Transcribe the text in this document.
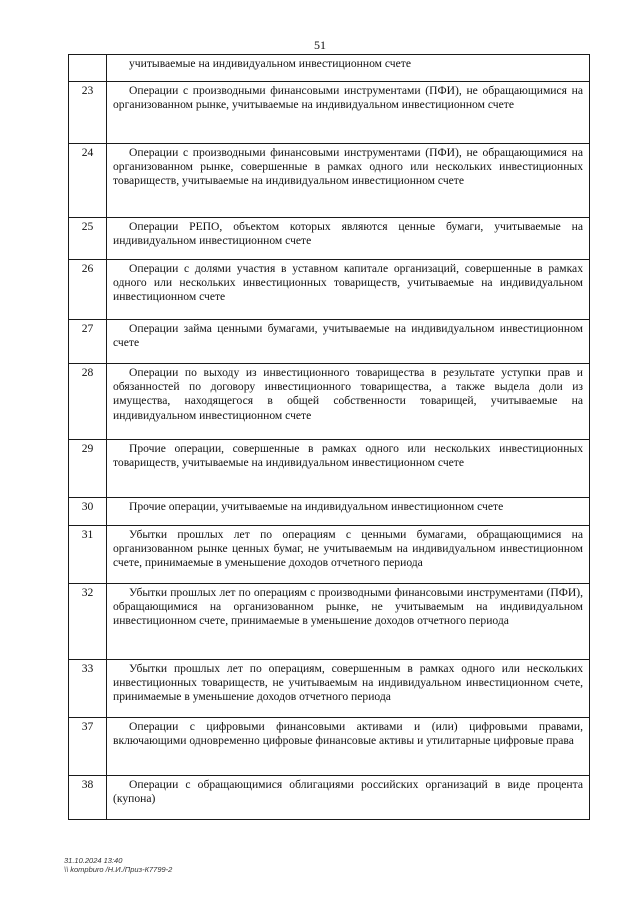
51
	учитываемые на индивидуальном инвестиционном счете
23	Операции с производными финансовыми инструментами (ПФИ), не обращающимися на организованном рынке, учитываемые на индивидуальном инвестиционном счете
24	Операции с производными финансовыми инструментами (ПФИ), не обращающимися на организованном рынке, совершенные в рамках одного или нескольких инвестиционных товариществ, учитываемые на индивидуальном инвестиционном счете
25	Операции РЕПО, объектом которых являются ценные бумаги, учитываемые на индивидуальном инвестиционном счете
26	Операции с долями участия в уставном капитале организаций, совершенные в рамках одного или нескольких инвестиционных товариществ, учитываемые на индивидуальном инвестиционном счете
27	Операции займа ценными бумагами, учитываемые на индивидуальном инвестиционном счете
28	Операции по выходу из инвестиционного товарищества в результате уступки прав и обязанностей по договору инвестиционного товарищества, а также выдела доли из имущества, находящегося в общей собственности товарищей, учитываемые на индивидуальном инвестиционном счете
29	Прочие операции, совершенные в рамках одного или нескольких инвестиционных товариществ, учитываемые на индивидуальном инвестиционном счете
30	Прочие операции, учитываемые на индивидуальном инвестиционном счете
31	Убытки прошлых лет по операциям с ценными бумагами, обращающимися на организованном рынке ценных бумаг, не учитываемым на индивидуальном инвестиционном счете, принимаемые в уменьшение доходов отчетного периода
32	Убытки прошлых лет по операциям с производными финансовыми инструментами (ПФИ), обращающимися на организованном рынке, не учитываемым на индивидуальном инвестиционном счете, принимаемые в уменьшение доходов отчетного периода
33	Убытки прошлых лет по операциям, совершенным в рамках одного или нескольких инвестиционных товариществ, не учитываемым на индивидуальном инвестиционном счете, принимаемые в уменьшение доходов отчетного периода
37	Операции с цифровыми финансовыми активами и (или) цифровыми правами, включающими одновременно цифровые финансовые активы и утилитарные цифровые права
38	Операции с обращающимися облигациями российских организаций в виде процента (купона)
31.10.2024 13:40
\\ kompburo /Н.И./Приз-К7799-2
